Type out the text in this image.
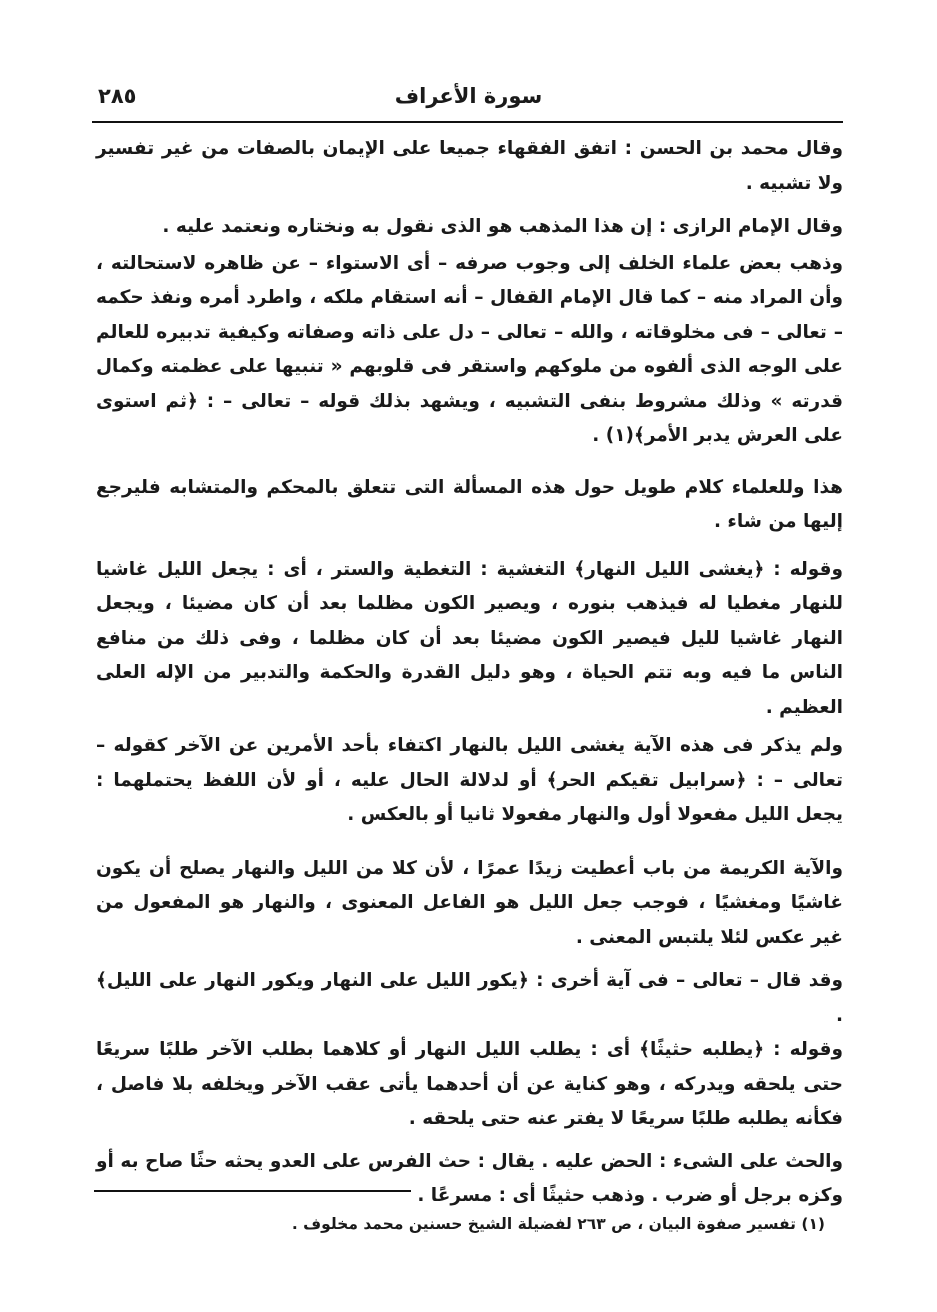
٢٨٥	سورة الأعراف

وقال محمد بن الحسن : اتفق الفقهاء جميعا على الإيمان بالصفات من غير تفسير ولا تشبيه .

وقال الإمام الرازى : إن هذا المذهب هو الذى نقول به ونختاره ونعتمد عليه .

وذهب بعض علماء الخلف إلى وجوب صرفه – أى الاستواء – عن ظاهره لاستحالته ، وأن المراد منه – كما قال الإمام القفال – أنه استقام ملكه ، واطرد أمره ونفذ حكمه – تعالى – فى مخلوقاته ، والله – تعالى – دل على ذاته وصفاته وكيفية تدبيره للعالم على الوجه الذى ألفوه من ملوكهم واستقر فى قلوبهم « تنبيها على عظمته وكمال قدرته » وذلك مشروط بنفى التشبيه ، ويشهد بذلك قوله – تعالى – : ﴿ثم استوى على العرش يدبر الأمر﴾(١) .

هذا وللعلماء كلام طويل حول هذه المسألة التى تتعلق بالمحكم والمتشابه فليرجع إليها من شاء .

وقوله : ﴿يغشى الليل النهار﴾ التغشية : التغطية والستر ، أى : يجعل الليل غاشيا للنهار مغطيا له فيذهب بنوره ، ويصير الكون مظلما بعد أن كان مضيئا ، ويجعل النهار غاشيا لليل فيصير الكون مضيئا بعد أن كان مظلما ، وفى ذلك من منافع الناس ما فيه وبه تتم الحياة ، وهو دليل القدرة والحكمة والتدبير من الإله العلى العظيم .

ولم يذكر فى هذه الآية يغشى الليل بالنهار اكتفاء بأحد الأمرين عن الآخر كقوله – تعالى – : ﴿سرابيل تقيكم الحر﴾ أو لدلالة الحال عليه ، أو لأن اللفظ يحتملهما : يجعل الليل مفعولا أول والنهار مفعولا ثانيا أو بالعكس .

والآية الكريمة من باب أعطيت زيدًا عمرًا ، لأن كلا من الليل والنهار يصلح أن يكون غاشيًا ومغشيًا ، فوجب جعل الليل هو الفاعل المعنوى ، والنهار هو المفعول من غير عكس لئلا يلتبس المعنى .

وقد قال – تعالى – فى آية أخرى : ﴿يكور الليل على النهار ويكور النهار على الليل﴾ .

وقوله : ﴿يطلبه حثيثًا﴾ أى : يطلب الليل النهار أو كلاهما بطلب الآخر طلبًا سريعًا حتى يلحقه ويدركه ، وهو كناية عن أن أحدهما يأتى عقب الآخر ويخلفه بلا فاصل ، فكأنه يطلبه طلبًا سريعًا لا يفتر عنه حتى يلحقه .

والحث على الشىء : الحض عليه . يقال : حث الفرس على العدو يحثه حثًا صاح به أو وكزه برجل أو ضرب . وذهب حثيثًا أى : مسرعًا .

(١) تفسير صفوة البيان ، ص ٢٦٣ لفضيلة الشيخ حسنين محمد مخلوف .
